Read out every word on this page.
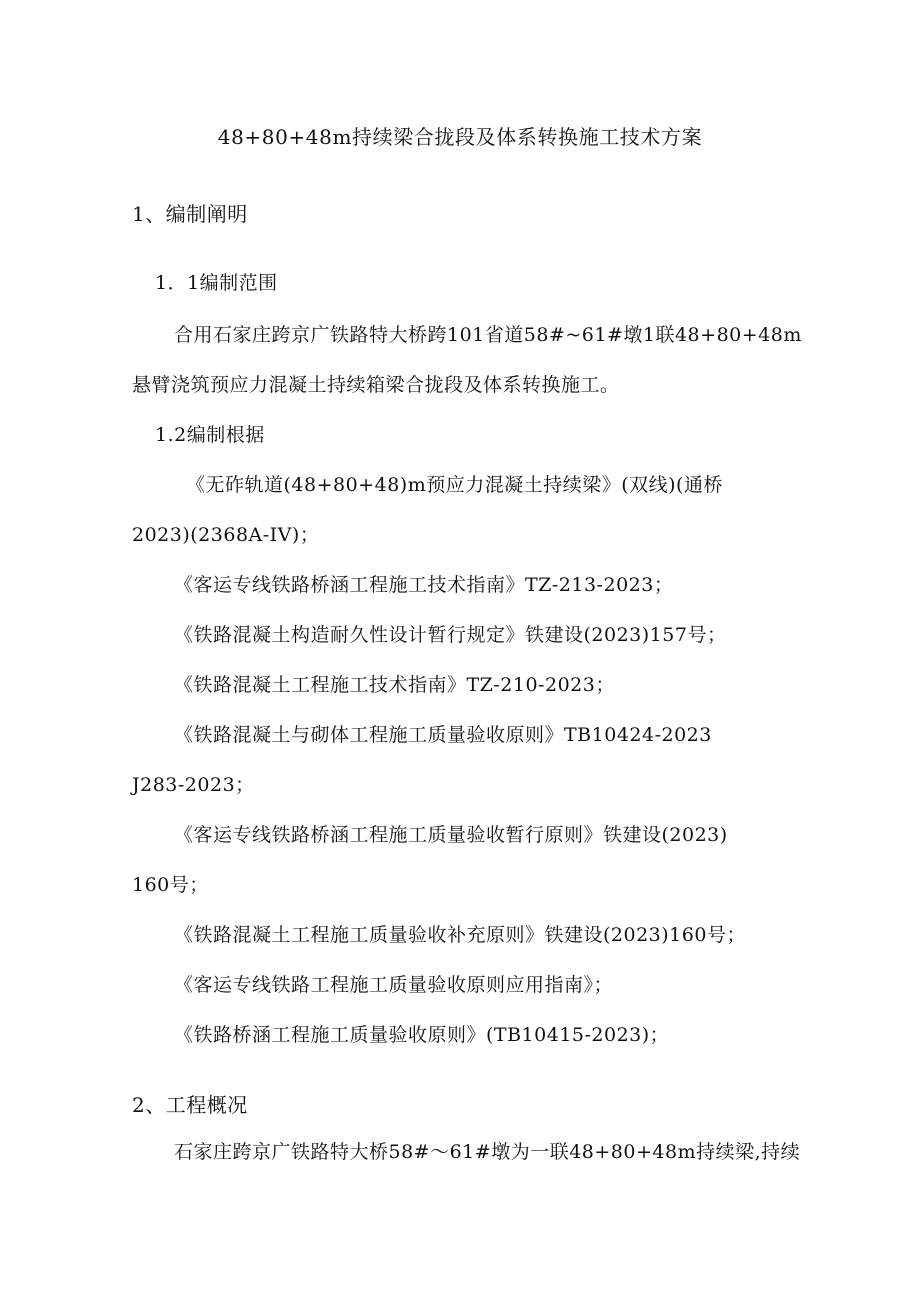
48+80+48m持续梁合拢段及体系转换施工技术方案
1、编制阐明
1．1编制范围
合用石家庄跨京广铁路特大桥跨101省道58#~61#墩1联48+80+48m
悬臂浇筑预应力混凝土持续箱梁合拢段及体系转换施工。
1.2编制根据
《无砟轨道(48+80+48)m预应力混凝土持续梁》(双线)(通桥
2023)(2368A-IV)；
《客运专线铁路桥涵工程施工技术指南》TZ-213-2023；
《铁路混凝土构造耐久性设计暂行规定》铁建设(2023)157号；
《铁路混凝土工程施工技术指南》TZ-210-2023；
《铁路混凝土与砌体工程施工质量验收原则》TB10424-2023
J283-2023；
《客运专线铁路桥涵工程施工质量验收暂行原则》铁建设(2023)
160号；
《铁路混凝土工程施工质量验收补充原则》铁建设(2023)160号；
《客运专线铁路工程施工质量验收原则应用指南》；
《铁路桥涵工程施工质量验收原则》(TB10415-2023)；
2、工程概况
石家庄跨京广铁路特大桥58#～61#墩为一联48+80+48m持续梁,持续
